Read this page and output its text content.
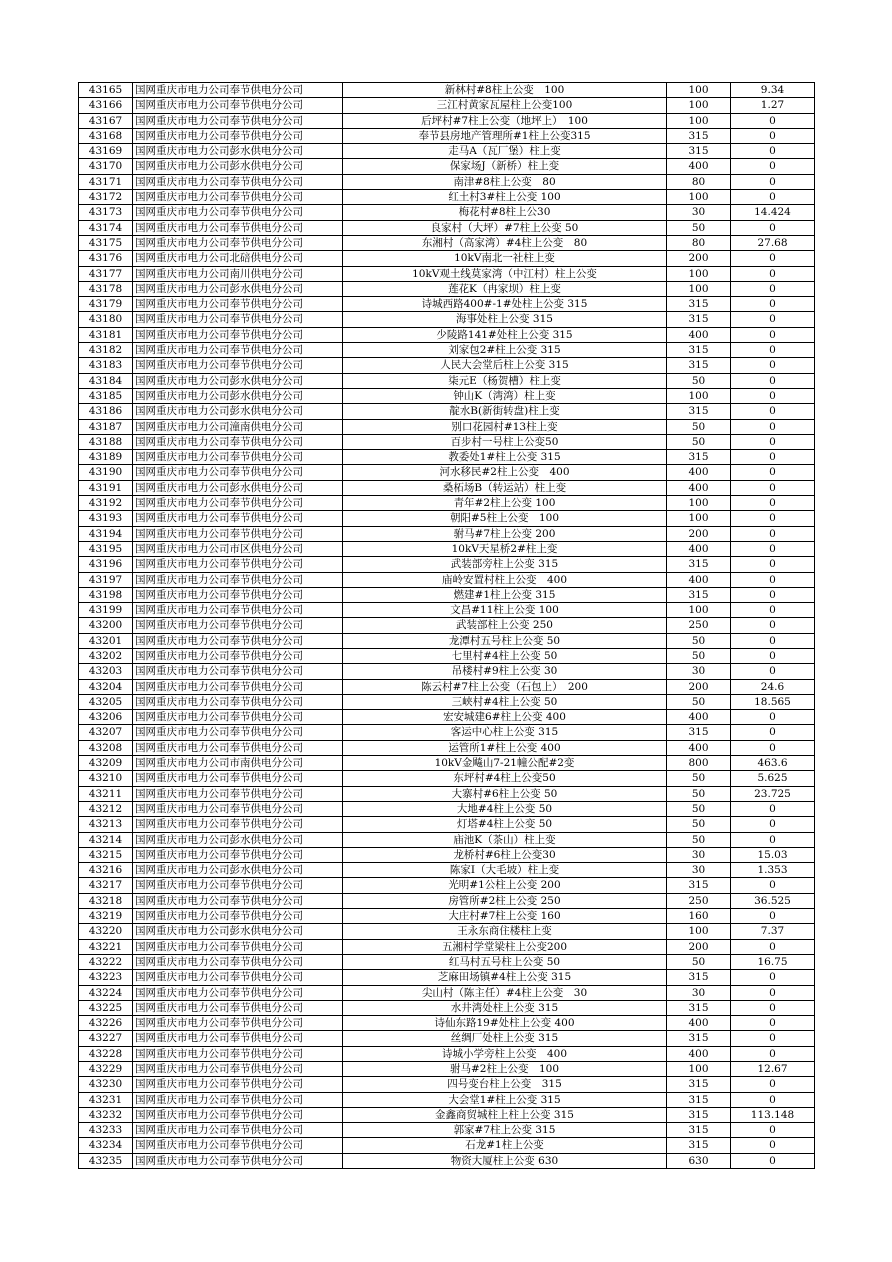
43165	国网重庆市电力公司奉节供电分公司	新林村#8柱上公变　100	100	9.34
43166	国网重庆市电力公司奉节供电分公司	三江村黄家瓦屋柱上公变100	100	1.27
43167	国网重庆市电力公司奉节供电分公司	后坪村#7柱上公变（地坪上）　100	100	0
43168	国网重庆市电力公司奉节供电分公司	奉节县房地产管理所#1柱上公变315	315	0
43169	国网重庆市电力公司彭水供电分公司	走马A（瓦厂堡）柱上变	315	0
43170	国网重庆市电力公司彭水供电分公司	保家场J（新桥）柱上变	400	0
43171	国网重庆市电力公司奉节供电分公司	南津#8柱上公变　80	80	0
43172	国网重庆市电力公司奉节供电分公司	红土村3#柱上公变 100	100	0
43173	国网重庆市电力公司奉节供电分公司	梅花村#8柱上公30	30	14.424
43174	国网重庆市电力公司奉节供电分公司	良家村（大坪）#7柱上公变 50	50	0
43175	国网重庆市电力公司奉节供电分公司	东湘村（高家湾）#4柱上公变　80	80	27.68
43176	国网重庆市电力公司北碚供电分公司	10kV南北一社柱上变	200	0
43177	国网重庆市电力公司南川供电分公司	10kV观土线莫家湾（中江村）柱上公变	100	0
43178	国网重庆市电力公司彭水供电分公司	莲花K（冉家坝）柱上变	100	0
43179	国网重庆市电力公司奉节供电分公司	诗城西路400#-1#处柱上公变 315	315	0
43180	国网重庆市电力公司奉节供电分公司	海事处柱上公变 315	315	0
43181	国网重庆市电力公司奉节供电分公司	少陵路141#处柱上公变 315	400	0
43182	国网重庆市电力公司奉节供电分公司	刘家包2#柱上公变 315	315	0
43183	国网重庆市电力公司奉节供电分公司	人民大会堂后柱上公变 315	315	0
43184	国网重庆市电力公司彭水供电分公司	柒元E（杨贺槽）柱上变	50	0
43185	国网重庆市电力公司彭水供电分公司	钟山K（湾湾）柱上变	100	0
43186	国网重庆市电力公司彭水供电分公司	靛水B(新街转盘)柱上变	315	0
43187	国网重庆市电力公司潼南供电分公司	别口花园村#13柱上变	50	0
43188	国网重庆市电力公司奉节供电分公司	百步村一号柱上公变50	50	0
43189	国网重庆市电力公司奉节供电分公司	教委处1#柱上公变 315	315	0
43190	国网重庆市电力公司奉节供电分公司	河水移民#2柱上公变　400	400	0
43191	国网重庆市电力公司彭水供电分公司	桑柘场B（转运站）柱上变	400	0
43192	国网重庆市电力公司奉节供电分公司	青年#2柱上公变 100	100	0
43193	国网重庆市电力公司奉节供电分公司	朝阳#5柱上公变　100	100	0
43194	国网重庆市电力公司奉节供电分公司	驸马#7柱上公变 200	200	0
43195	国网重庆市电力公司市区供电分公司	10kV天星桥2#柱上变	400	0
43196	国网重庆市电力公司奉节供电分公司	武装部旁柱上公变 315	315	0
43197	国网重庆市电力公司奉节供电分公司	庙岭安置村柱上公变　400	400	0
43198	国网重庆市电力公司奉节供电分公司	燃建#1柱上公变 315	315	0
43199	国网重庆市电力公司奉节供电分公司	文昌#11柱上公变 100	100	0
43200	国网重庆市电力公司奉节供电分公司	武装部柱上公变 250	250	0
43201	国网重庆市电力公司奉节供电分公司	龙潭村五号柱上公变 50	50	0
43202	国网重庆市电力公司奉节供电分公司	七里村#4柱上公变 50	50	0
43203	国网重庆市电力公司奉节供电分公司	吊楼村#9柱上公变 30	30	0
43204	国网重庆市电力公司奉节供电分公司	陈云村#7柱上公变（石包上）　200	200	24.6
43205	国网重庆市电力公司奉节供电分公司	三峡村#4柱上公变 50	50	18.565
43206	国网重庆市电力公司奉节供电分公司	宏安城建6#柱上公变 400	400	0
43207	国网重庆市电力公司奉节供电分公司	客运中心柱上公变 315	315	0
43208	国网重庆市电力公司奉节供电分公司	运管所1#柱上公变 400	400	0
43209	国网重庆市电力公司市南供电分公司	10kV金飚山7-21幢公配#2变	800	463.6
43210	国网重庆市电力公司奉节供电分公司	东坪村#4柱上公变50	50	5.625
43211	国网重庆市电力公司奉节供电分公司	大寨村#6柱上公变 50	50	23.725
43212	国网重庆市电力公司奉节供电分公司	大地#4柱上公变 50	50	0
43213	国网重庆市电力公司奉节供电分公司	灯塔#4柱上公变 50	50	0
43214	国网重庆市电力公司彭水供电分公司	庙池K（茶山）柱上变	50	0
43215	国网重庆市电力公司奉节供电分公司	龙桥村#6柱上公变30	30	15.03
43216	国网重庆市电力公司彭水供电分公司	陈家I（大毛坡）柱上变	30	1.353
43217	国网重庆市电力公司奉节供电分公司	光明#1公柱上公变 200	315	0
43218	国网重庆市电力公司奉节供电分公司	房管所#2柱上公变 250	250	36.525
43219	国网重庆市电力公司奉节供电分公司	大庄村#7柱上公变 160	160	0
43220	国网重庆市电力公司彭水供电分公司	王永东商住楼柱上变	100	7.37
43221	国网重庆市电力公司奉节供电分公司	五湘村学堂梁柱上公变200	200	0
43222	国网重庆市电力公司奉节供电分公司	红马村五号柱上公变 50	50	16.75
43223	国网重庆市电力公司奉节供电分公司	芝麻田场镇#4柱上公变 315	315	0
43224	国网重庆市电力公司奉节供电分公司	尖山村（陈主任）#4柱上公变　30	30	0
43225	国网重庆市电力公司奉节供电分公司	水井湾处柱上公变 315	315	0
43226	国网重庆市电力公司奉节供电分公司	诗仙东路19#处柱上公变 400	400	0
43227	国网重庆市电力公司奉节供电分公司	丝绸厂处柱上公变 315	315	0
43228	国网重庆市电力公司奉节供电分公司	诗城小学旁柱上公变　400	400	0
43229	国网重庆市电力公司奉节供电分公司	驸马#2柱上公变　100	100	12.67
43230	国网重庆市电力公司奉节供电分公司	四号变台柱上公变　315	315	0
43231	国网重庆市电力公司奉节供电分公司	大会堂1#柱上公变 315	315	0
43232	国网重庆市电力公司奉节供电分公司	金鑫商贸城柱上柱上公变 315	315	113.148
43233	国网重庆市电力公司奉节供电分公司	郭家#7柱上公变 315	315	0
43234	国网重庆市电力公司奉节供电分公司	石龙#1柱上公变	315	0
43235	国网重庆市电力公司奉节供电分公司	物资大厦柱上公变 630	630	0
